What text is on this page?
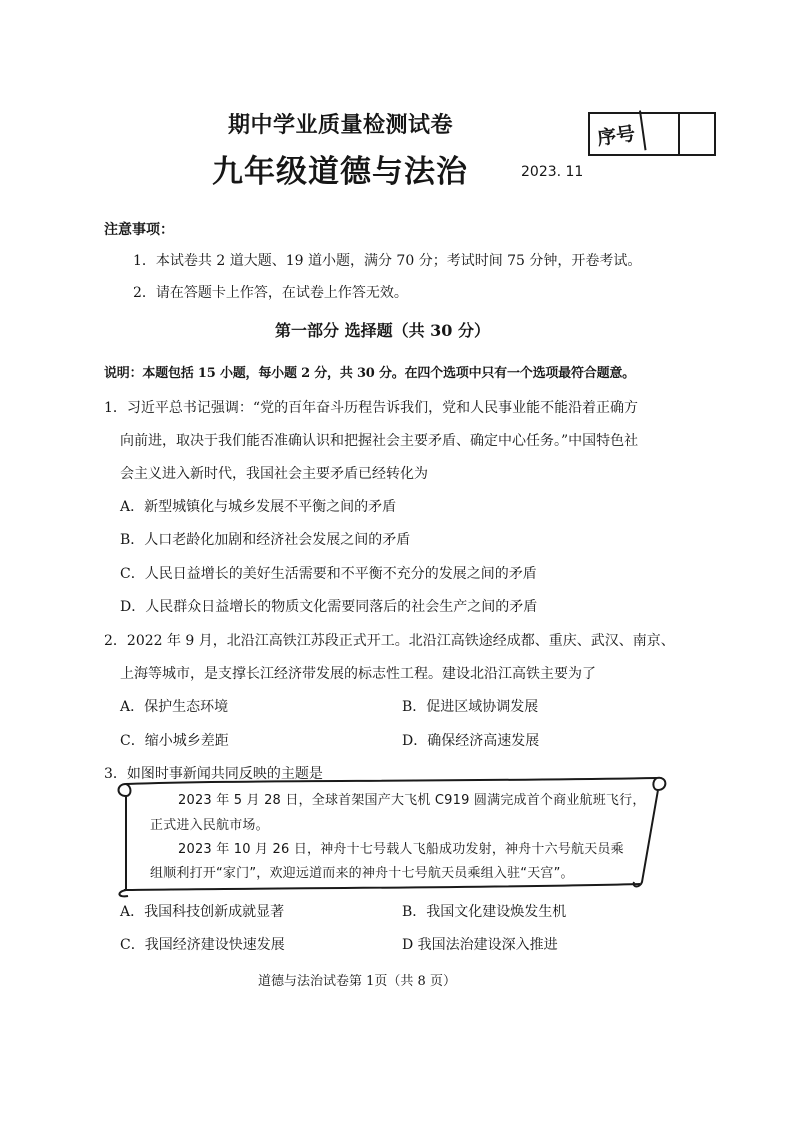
期中学业质量检测试卷
九年级道德与法治	2023. 11
序号
注意事项：
1．本试卷共 2 道大题、19 道小题，满分 70 分；考试时间 75 分钟，开卷考试。
2．请在答题卡上作答，在试卷上作答无效。
第一部分 选择题（共 30 分）
说明：本题包括 15 小题，每小题 2 分，共 30 分。在四个选项中只有一个选项最符合题意。
1．习近平总书记强调：“党的百年奋斗历程告诉我们，党和人民事业能不能沿着正确方
向前进，取决于我们能否准确认识和把握社会主要矛盾、确定中心任务。”中国特色社
会主义进入新时代，我国社会主要矛盾已经转化为
A．新型城镇化与城乡发展不平衡之间的矛盾
B．人口老龄化加剧和经济社会发展之间的矛盾
C．人民日益增长的美好生活需要和不平衡不充分的发展之间的矛盾
D．人民群众日益增长的物质文化需要同落后的社会生产之间的矛盾
2．2022 年 9 月，北沿江高铁江苏段正式开工。北沿江高铁途经成都、重庆、武汉、南京、
上海等城市，是支撑长江经济带发展的标志性工程。建设北沿江高铁主要为了
A．保护生态环境	B．促进区域协调发展
C．缩小城乡差距	D．确保经济高速发展
3．如图时事新闻共同反映的主题是
2023 年 5 月 28 日，全球首架国产大飞机 C919 圆满完成首个商业航班飞行，
正式进入民航市场。
2023 年 10 月 26 日，神舟十七号载人飞船成功发射，神舟十六号航天员乘
组顺利打开“家门”，欢迎远道而来的神舟十七号航天员乘组入驻“天宫”。
A．我国科技创新成就显著	B．我国文化建设焕发生机
C．我国经济建设快速发展	D 我国法治建设深入推进
道德与法治试卷第 1页（共 8 页）
